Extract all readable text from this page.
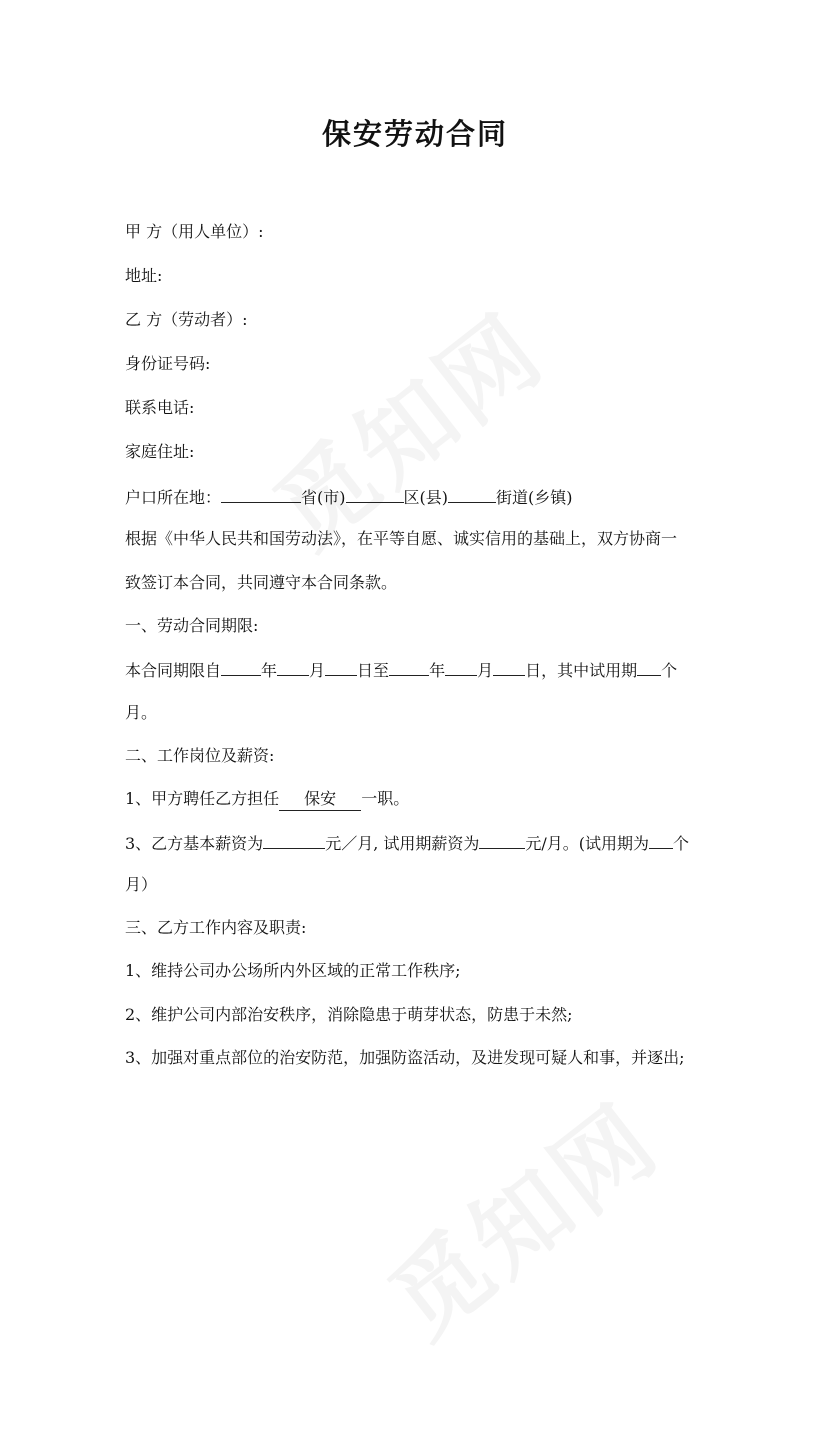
保安劳动合同
甲 方（用人单位）:
地址:
乙 方（劳动者）:
身份证号码:
联系电话:
家庭住址:
户口所在地：	省(市)	区(县)	街道(乡镇)
根据《中华人民共和国劳动法》，在平等自愿、诚实信用的基础上，双方协商一
致签订本合同，共同遵守本合同条款。
一、劳动合同期限:
本合同期限自	年 月 日至	年 月 日，其中试用期 个
月。
二、工作岗位及薪资:
1、甲方聘任乙方担任 保安 一职。
3、乙方基本薪资为	元／月, 试用期薪资为	元/月。(试用期为 个
月）
三、乙方工作内容及职责:
1、维持公司办公场所内外区域的正常工作秩序;
2、维护公司内部治安秩序，消除隐患于萌芽状态，防患于未然;
3、加强对重点部位的治安防范，加强防盗活动，及进发现可疑人和事，并逐出;
